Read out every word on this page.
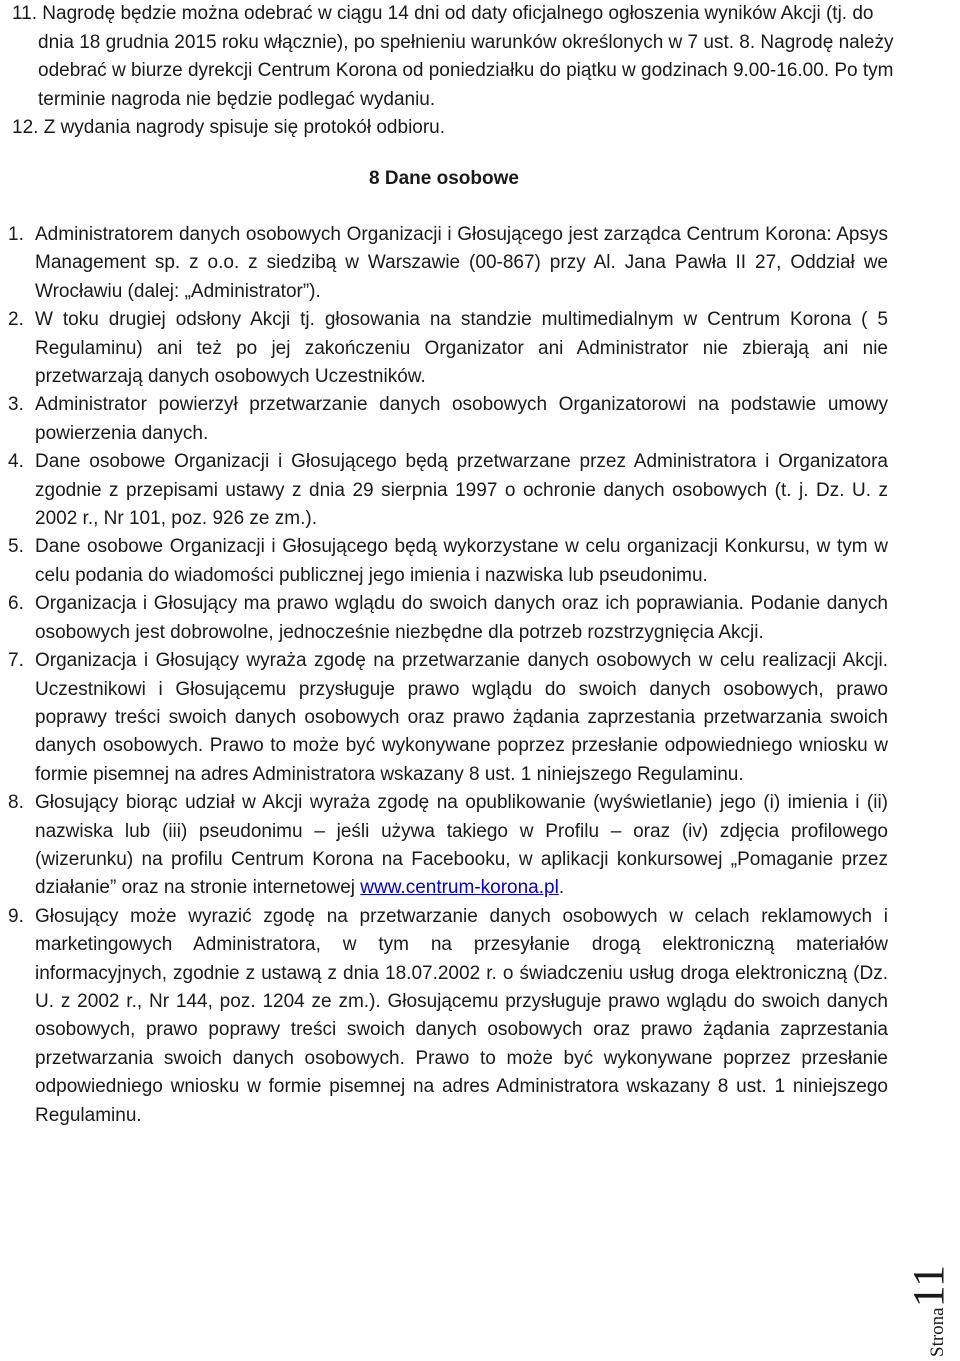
11. Nagrodę będzie można odebrać w ciągu 14 dni od daty oficjalnego ogłoszenia wyników Akcji (tj. do dnia 18 grudnia 2015 roku włącznie), po spełnieniu warunków określonych w 7 ust. 8. Nagrodę należy odebrać w biurze dyrekcji Centrum Korona od poniedziałku do piątku w godzinach 9.00-16.00. Po tym terminie nagroda nie będzie podlegać wydaniu.

12. Z wydania nagrody spisuje się protokół odbioru.

8 Dane osobowe

1. Administratorem danych osobowych Organizacji i Głosującego jest zarządca Centrum Korona: Apsys Management sp. z o.o. z siedzibą w Warszawie (00-867) przy Al. Jana Pawła II 27, Oddział we Wrocławiu (dalej: „Administrator”).

2. W toku drugiej odsłony Akcji tj. głosowania na standzie multimedialnym w Centrum Korona ( 5 Regulaminu) ani też po jej zakończeniu Organizator ani Administrator nie zbierają ani nie przetwarzają danych osobowych Uczestników.

3. Administrator powierzył przetwarzanie danych osobowych Organizatorowi na podstawie umowy powierzenia danych.

4. Dane osobowe Organizacji i Głosującego będą przetwarzane przez Administratora i Organizatora zgodnie z przepisami ustawy z dnia 29 sierpnia 1997 o ochronie danych osobowych (t. j. Dz. U. z 2002 r., Nr 101, poz. 926 ze zm.).

5. Dane osobowe Organizacji i Głosującego będą wykorzystane w celu organizacji Konkursu, w tym w celu podania do wiadomości publicznej jego imienia i nazwiska lub pseudonimu.

6. Organizacja i Głosujący ma prawo wglądu do swoich danych oraz ich poprawiania. Podanie danych osobowych jest dobrowolne, jednocześnie niezbędne dla potrzeb rozstrzygnięcia Akcji.

7. Organizacja i Głosujący wyraża zgodę na przetwarzanie danych osobowych w celu realizacji Akcji. Uczestnikowi i Głosującemu przysługuje prawo wglądu do swoich danych osobowych, prawo poprawy treści swoich danych osobowych oraz prawo żądania zaprzestania przetwarzania swoich danych osobowych. Prawo to może być wykonywane poprzez przesłanie odpowiedniego wniosku w formie pisemnej na adres Administratora wskazany 8 ust. 1 niniejszego Regulaminu.

8. Głosujący biorąc udział w Akcji wyraża zgodę na opublikowanie (wyświetlanie) jego (i) imienia i (ii) nazwiska lub (iii) pseudonimu – jeśli używa takiego w Profilu – oraz (iv) zdjęcia profilowego (wizerunku) na profilu Centrum Korona na Facebooku, w aplikacji konkursowej „Pomaganie przez działanie” oraz na stronie internetowej www.centrum-korona.pl.

9. Głosujący może wyrazić zgodę na przetwarzanie danych osobowych w celach reklamowych i marketingowych Administratora, w tym na przesyłanie drogą elektroniczną materiałów informacyjnych, zgodnie z ustawą z dnia 18.07.2002 r. o świadczeniu usług droga elektroniczną (Dz. U. z 2002 r., Nr 144, poz. 1204 ze zm.). Głosującemu przysługuje prawo wglądu do swoich danych osobowych, prawo poprawy treści swoich danych osobowych oraz prawo żądania zaprzestania przetwarzania swoich danych osobowych. Prawo to może być wykonywane poprzez przesłanie odpowiedniego wniosku w formie pisemnej na adres Administratora wskazany 8 ust. 1 niniejszego Regulaminu.

Strona11
